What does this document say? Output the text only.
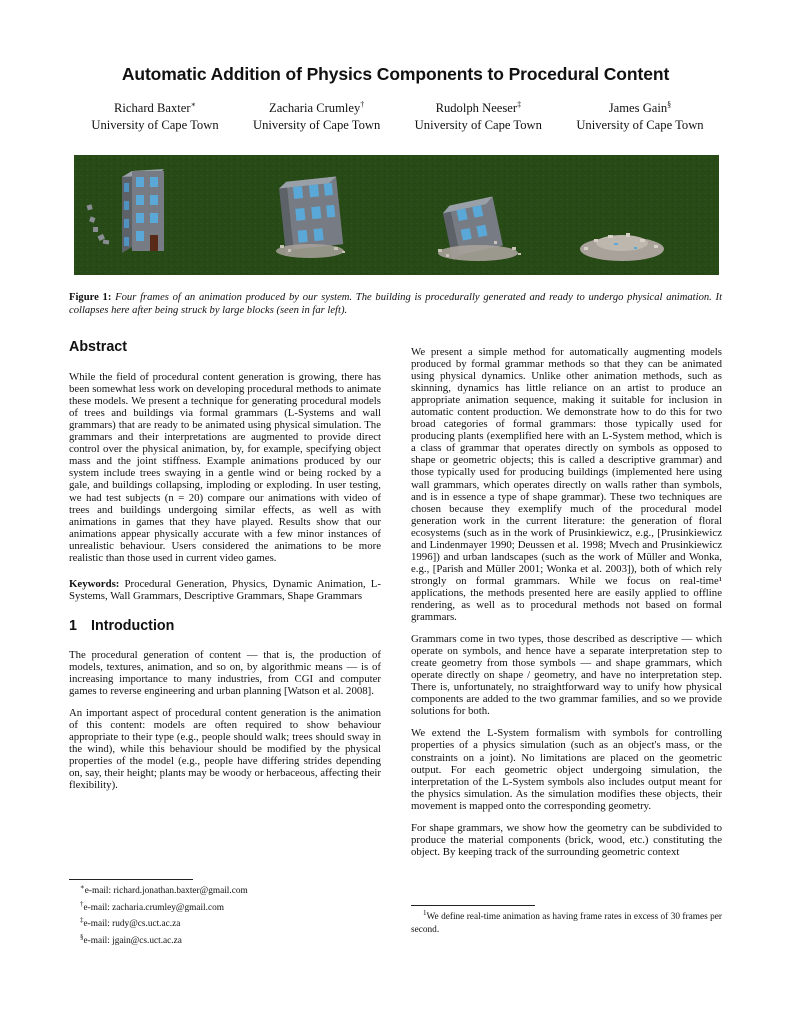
Automatic Addition of Physics Components to Procedural Content
Richard Baxter∗
University of Cape Town
Zacharia Crumley†
University of Cape Town
Rudolph Neeser‡
University of Cape Town
James Gain§
University of Cape Town
Figure 1: Four frames of an animation produced by our system. The building is procedurally generated and ready to undergo physical animation. It collapses here after being struck by large blocks (seen in far left).
Abstract

While the field of procedural content generation is growing, there has been somewhat less work on developing procedural methods to animate these models. We present a technique for generating procedural models of trees and buildings via formal grammars (L-Systems and wall grammars) that are ready to be animated using physical simulation. The grammars and their interpretations are augmented to provide direct control over the physical animation, by, for example, specifying object mass and the joint stiffness. Example animations produced by our system include trees swaying in a gentle wind or being rocked by a gale, and buildings collapsing, imploding or exploding. In user testing, we had test subjects (n = 20) compare our animations with video of trees and buildings undergoing similar effects, as well as with animations in games that they have played. Results show that our animations appear physically accurate with a few minor instances of unrealistic behaviour. Users considered the animations to be more realistic than those used in current video games.

Keywords: Procedural Generation, Physics, Dynamic Animation, L-Systems, Wall Grammars, Descriptive Grammars, Shape Grammars

1 Introduction

The procedural generation of content — that is, the production of models, textures, animation, and so on, by algorithmic means — is of increasing importance to many industries, from CGI and computer games to reverse engineering and urban planning [Watson et al. 2008].

An important aspect of procedural content generation is the animation of this content: models are often required to show behaviour appropriate to their type (e.g., people should walk; trees should sway in the wind), while this behaviour should be modified by the physical properties of the model (e.g., people have differing strides depending on, say, their height; plants may be woody or herbaceous, affecting their flexibility).

We present a simple method for automatically augmenting models produced by formal grammar methods so that they can be animated using physical dynamics. Unlike other animation methods, such as skinning, dynamics has little reliance on an artist to produce an appropriate animation sequence, making it suitable for inclusion in automatic content production. We demonstrate how to do this for two broad categories of formal grammars: those typically used for producing plants (exemplified here with an L-System method, which is a class of grammar that operates directly on symbols as opposed to shape or geometric objects; this is called a descriptive grammar) and those typically used for producing buildings (implemented here using wall grammars, which operates directly on walls rather than symbols, and is in essence a type of shape grammar). These two techniques are chosen because they exemplify much of the procedural model generation work in the current literature: the generation of floral ecosystems (such as in the work of Prusinkiewicz, e.g., [Prusinkiewicz and Lindenmayer 1990; Deussen et al. 1998; Mvech and Prusinkiewicz 1996]) and urban landscapes (such as the work of Müller and Wonka, e.g., [Parish and Müller 2001; Wonka et al. 2003]), both of which rely strongly on formal grammars. While we focus on real-time¹ applications, the methods presented here are easily applied to offline rendering, as well as to procedural methods not based on formal grammars.

Grammars come in two types, those described as descriptive — which operate on symbols, and hence have a separate interpretation step to create geometry from those symbols — and shape grammars, which operate directly on shape / geometry, and have no interpretation step. There is, unfortunately, no straightforward way to unify how physical components are added to the two grammar families, and so we provide solutions for both.

We extend the L-System formalism with symbols for controlling properties of a physics simulation (such as an object's mass, or the constraints on a joint). No limitations are placed on the geometric output. For each geometric object undergoing simulation, the interpretation of the L-System symbols also includes output meant for the physics simulation. As the simulation modifies these objects, their movement is mapped onto the corresponding geometry.

For shape grammars, we show how the geometry can be subdivided to produce the material components (brick, wood, etc.) constituting the object. By keeping track of the surrounding geometric context

∗e-mail: richard.jonathan.baxter@gmail.com
†e-mail: zacharia.crumley@gmail.com
‡e-mail: rudy@cs.uct.ac.za
§e-mail: jgain@cs.uct.ac.za
$^1$We define real-time animation as having frame rates in excess of 30 frames per second.
